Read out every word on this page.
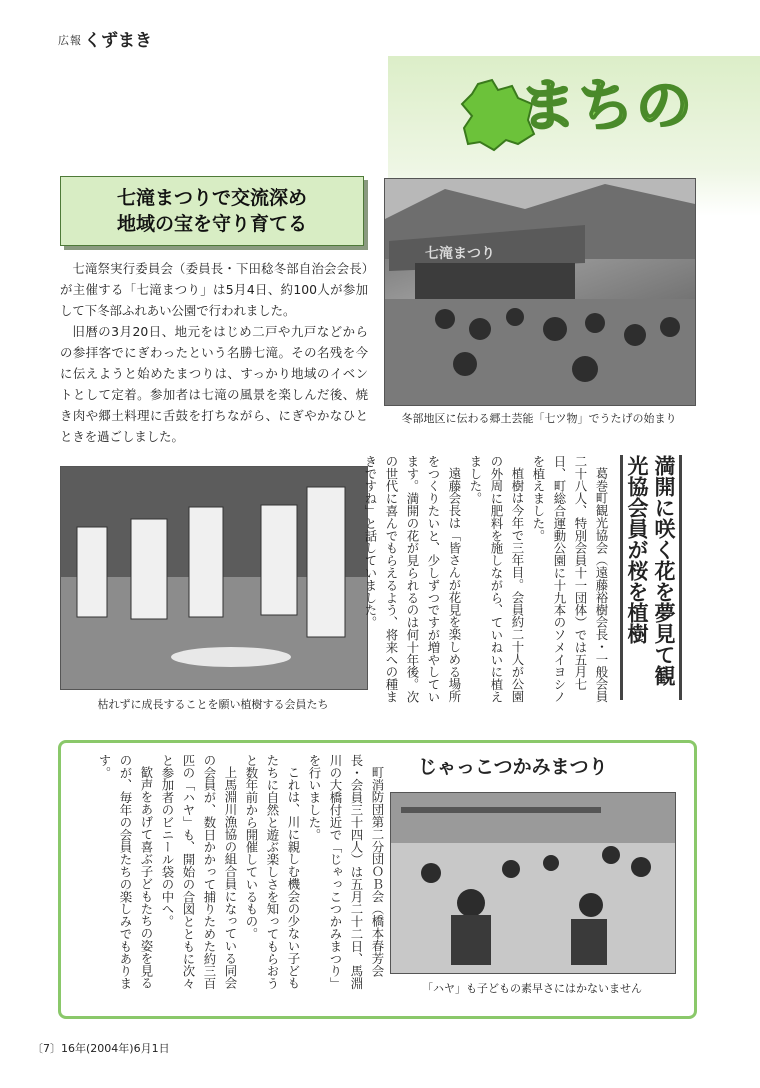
広報 くずまき
まちの
七滝まつりで交流深め
地域の宝を守り育てる

七滝祭実行委員会（委員長・下田稔冬部自治会会長）が主催する「七滝まつり」は5月4日、約100人が参加して下冬部ふれあい公園で行われました。

旧暦の3月20日、地元をはじめ二戸や九戸などからの参拝客でにぎわったという名勝七滝。その名残を今に伝えようと始めたまつりは、すっかり地域のイベントとして定着。参加者は七滝の風景を楽しんだ後、焼き肉や郷土料理に舌鼓を打ちながら、にぎやかなひとときを過ごしました。

七滝まつり
冬部地区に伝わる郷土芸能「七ツ物」でうたげの始まり
枯れずに成長することを願い植樹する会員たち

葛巻町観光協会（遠藤裕樹会長・一般会員二十八人、特別会員十一団体）では五月七日、町総合運動公園に十九本のソメイヨシノを植えました。

植樹は今年で三年目。会員約二十人が公園の外周に肥料を施しながら、ていねいに植えました。

遠藤会長は「皆さんが花見を楽しめる場所をつくりたいと、少しずつですが増やしています。満開の花が見られるのは何十年後。次の世代に喜んでもらえるよう、将来への種まきですね」と話していました。	満開に咲く花を夢見て観光協会員が桜を植樹

町消防団第二分団ＯＢ会（橋本春芳会長・会員三十四人）は五月二十二日、馬淵川の大橋付近で「じゃっこつかみまつり」を行いました。

これは、川に親しむ機会の少ない子どもたちに自然と遊ぶ楽しさを知ってもらおうと数年前から開催しているもの。

上馬淵川漁協の組合員になっている同会の会員が、数日かかって捕りためた約三百匹の「ハヤ」も、開始の合図とともに次々と参加者のビニール袋の中へ。

歓声をあげて喜ぶ子どもたちの姿を見るのが、毎年の会員たちの楽しみでもあります。	じゃっこつかみまつり
「ハヤ」も子どもの素早さにはかないません
〔7〕16年(2004年)6月1日
